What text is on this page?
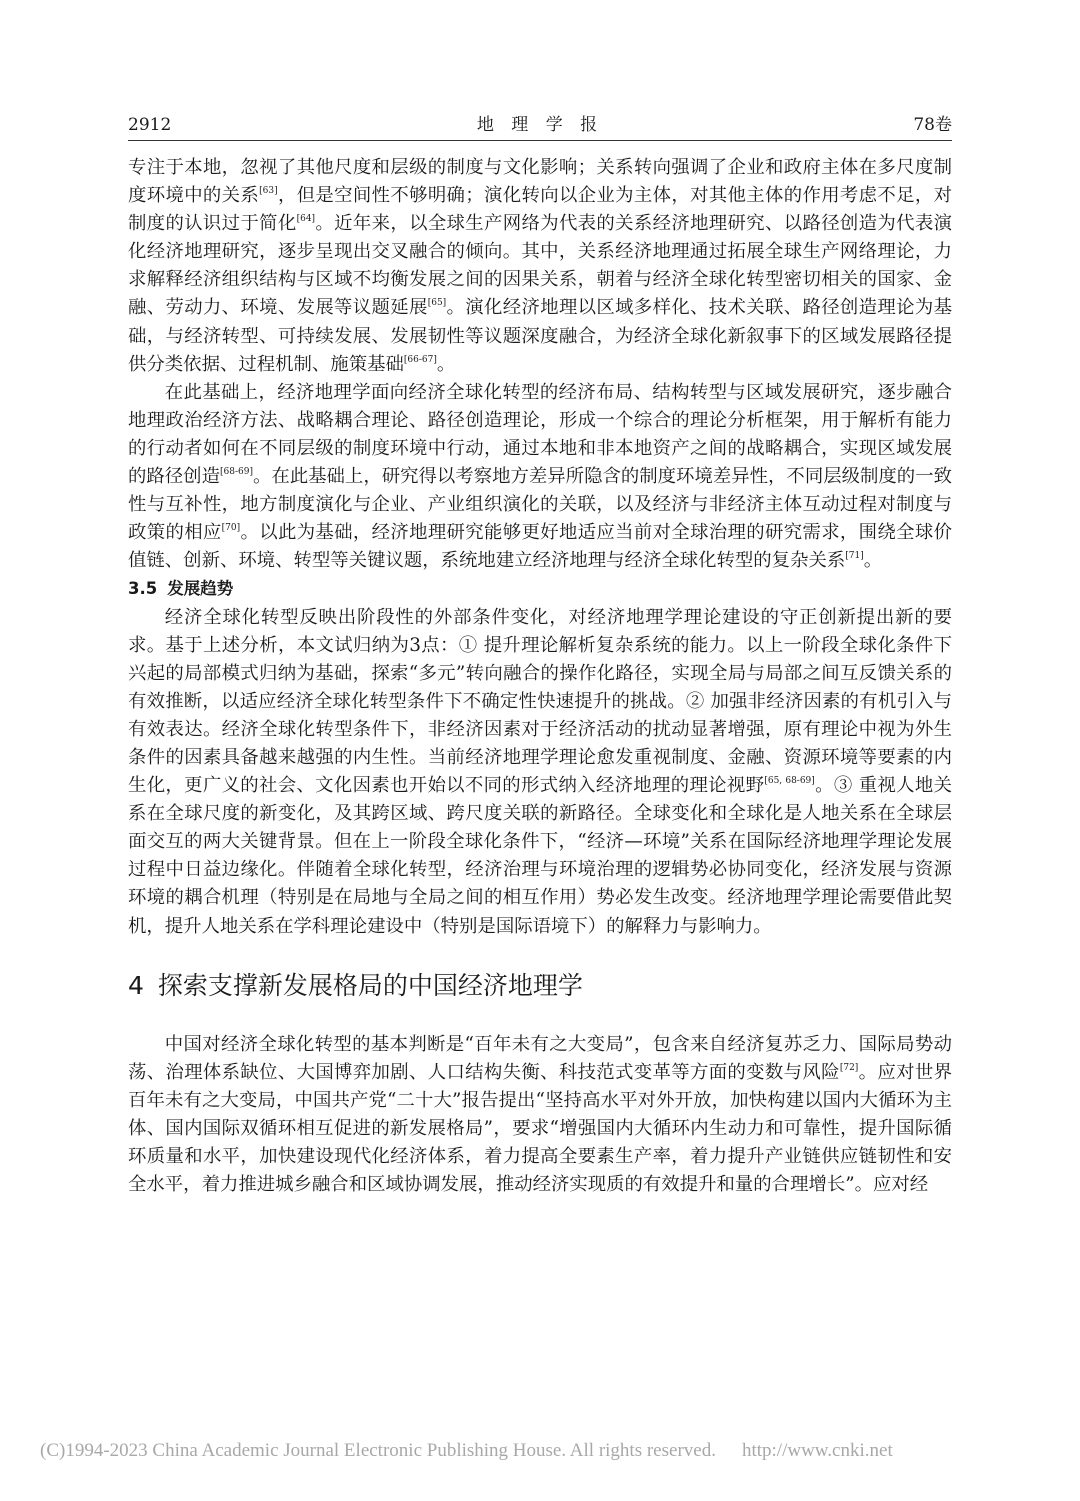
地 理 学 报
2912	78卷

专注于本地，忽视了其他尺度和层级的制度与文化影响；关系转向强调了企业和政府主体在多尺度制度环境中的关系[63]，但是空间性不够明确；演化转向以企业为主体，对其他主体的作用考虑不足，对制度的认识过于简化[64]。近年来，以全球生产网络为代表的关系经济地理研究、以路径创造为代表演化经济地理研究，逐步呈现出交叉融合的倾向。其中，关系经济地理通过拓展全球生产网络理论，力求解释经济组织结构与区域不均衡发展之间的因果关系，朝着与经济全球化转型密切相关的国家、金融、劳动力、环境、发展等议题延展[65]。演化经济地理以区域多样化、技术关联、路径创造理论为基础，与经济转型、可持续发展、发展韧性等议题深度融合，为经济全球化新叙事下的区域发展路径提供分类依据、过程机制、施策基础[66-67]。

在此基础上，经济地理学面向经济全球化转型的经济布局、结构转型与区域发展研究，逐步融合地理政治经济方法、战略耦合理论、路径创造理论，形成一个综合的理论分析框架，用于解析有能力的行动者如何在不同层级的制度环境中行动，通过本地和非本地资产之间的战略耦合，实现区域发展的路径创造[68-69]。在此基础上，研究得以考察地方差异所隐含的制度环境差异性，不同层级制度的一致性与互补性，地方制度演化与企业、产业组织演化的关联，以及经济与非经济主体互动过程对制度与政策的相应[70]。以此为基础，经济地理研究能够更好地适应当前对全球治理的研究需求，围绕全球价值链、创新、环境、转型等关键议题，系统地建立经济地理与经济全球化转型的复杂关系[71]。

3.5 发展趋势

经济全球化转型反映出阶段性的外部条件变化，对经济地理学理论建设的守正创新提出新的要求。基于上述分析，本文试归纳为3点：① 提升理论解析复杂系统的能力。以上一阶段全球化条件下兴起的局部模式归纳为基础，探索“多元”转向融合的操作化路径，实现全局与局部之间互反馈关系的有效推断，以适应经济全球化转型条件下不确定性快速提升的挑战。② 加强非经济因素的有机引入与有效表达。经济全球化转型条件下，非经济因素对于经济活动的扰动显著增强，原有理论中视为外生条件的因素具备越来越强的内生性。当前经济地理学理论愈发重视制度、金融、资源环境等要素的内生化，更广义的社会、文化因素也开始以不同的形式纳入经济地理的理论视野[65, 68-69]。③ 重视人地关系在全球尺度的新变化，及其跨区域、跨尺度关联的新路径。全球变化和全球化是人地关系在全球层面交互的两大关键背景。但在上一阶段全球化条件下，“经济—环境”关系在国际经济地理学理论发展过程中日益边缘化。伴随着全球化转型，经济治理与环境治理的逻辑势必协同变化，经济发展与资源环境的耦合机理（特别是在局地与全局之间的相互作用）势必发生改变。经济地理学理论需要借此契机，提升人地关系在学科理论建设中（特别是国际语境下）的解释力与影响力。

4 探索支撑新发展格局的中国经济地理学

中国对经济全球化转型的基本判断是“百年未有之大变局”，包含来自经济复苏乏力、国际局势动荡、治理体系缺位、大国博弈加剧、人口结构失衡、科技范式变革等方面的变数与风险[72]。应对世界百年未有之大变局，中国共产党“二十大”报告提出“坚持高水平对外开放，加快构建以国内大循环为主体、国内国际双循环相互促进的新发展格局”，要求“增强国内大循环内生动力和可靠性，提升国际循环质量和水平，加快建设现代化经济体系，着力提高全要素生产率，着力提升产业链供应链韧性和安全水平，着力推进城乡融合和区域协调发展，推动经济实现质的有效提升和量的合理增长”。应对经

(C)1994-2023 China Academic Journal Electronic Publishing House. All rights reserved. http://www.cnki.net
